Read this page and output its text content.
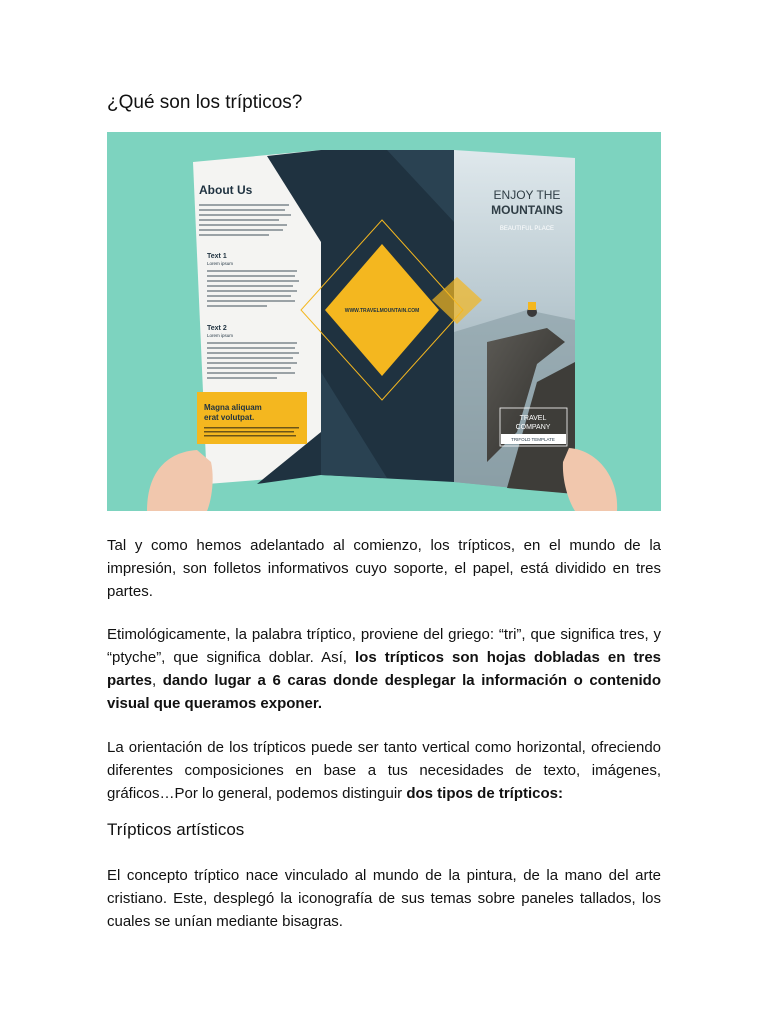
¿Qué son los trípticos?
About Us
Text 1
Lorem ipsum
Text 2
Lorem ipsum
Magna aliquam
erat volutpat.
WWW.TRAVELMOUNTAIN.COM
ENJOY THE
MOUNTAINS
BEAUTIFUL PLACE
TRAVEL
COMPANY
TRIFOLD TEMPLATE

Tal y como hemos adelantado al comienzo, los trípticos, en el mundo de la impresión, son folletos informativos cuyo soporte, el papel, está dividido en tres partes.

Etimológicamente, la palabra tríptico, proviene del griego: “tri”, que significa tres, y “ptyche”, que significa doblar. Así, los trípticos son hojas dobladas en tres partes, dando lugar a 6 caras donde desplegar la información o contenido visual que queramos exponer.

La orientación de los trípticos puede ser tanto vertical como horizontal, ofreciendo diferentes composiciones en base a tus necesidades de texto, imágenes, gráficos…Por lo general, podemos distinguir dos tipos de trípticos:

Trípticos artísticos

El concepto tríptico nace vinculado al mundo de la pintura, de la mano del arte cristiano. Este, desplegó la iconografía de sus temas sobre paneles tallados, los cuales se unían mediante bisagras.
